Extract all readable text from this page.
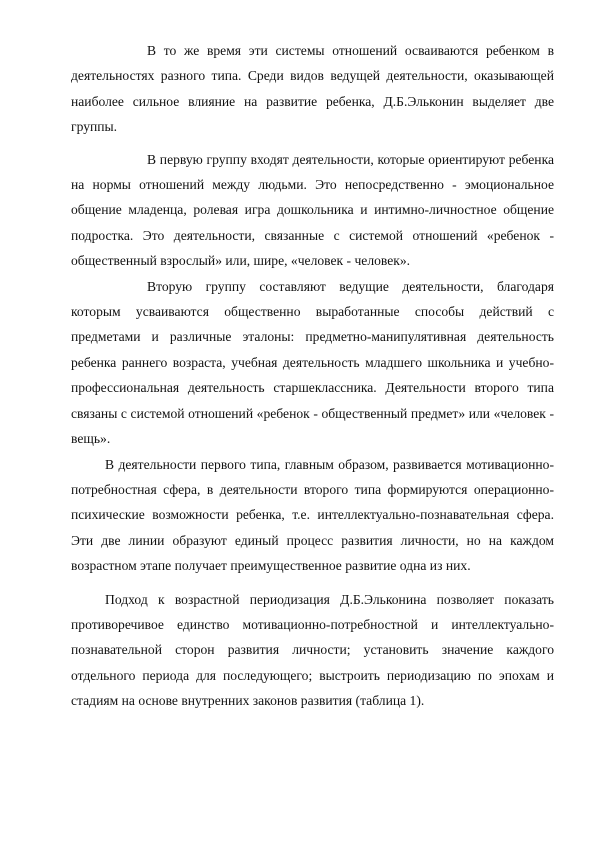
В то же время эти системы отношений осваиваются ребенком в деятельностях разного типа. Среди видов ведущей деятельности, оказывающей наиболее сильное влияние на развитие ребенка, Д.Б.Эльконин выделяет две группы.

В первую группу входят деятельности, которые ориентируют ребенка на нормы отношений между людьми. Это непосредственно - эмоциональное общение младенца, ролевая игра дошкольника и интимно-личностное общение подростка. Это деятельности, связанные с системой отношений «ребенок - общественный взрослый» или, шире, «человек - человек».

Вторую группу составляют ведущие деятельности, благодаря которым усваиваются общественно выработанные способы действий с предметами и различные эталоны: предметно-манипулятивная деятельность ребенка раннего возраста, учебная деятельность младшего школьника и учебно-профессиональная деятельность старшеклассника. Деятельности второго типа связаны с системой отношений «ребенок - общественный предмет» или «человек - вещь».

В деятельности первого типа, главным образом, развивается мотивационно-потребностная сфера, в деятельности второго типа формируются операционно-психические возможности ребенка, т.е. интеллектуально-познавательная сфера. Эти две линии образуют единый процесс развития личности, но на каждом возрастном этапе получает преимущественное развитие одна из них.

Подход к возрастной периодизация Д.Б.Эльконина позволяет показать противоречивое единство мотивационно-потребностной и интеллектуально-познавательной сторон развития личности; установить значение каждого отдельного периода для последующего; выстроить периодизацию по эпохам и стадиям на основе внутренних законов развития (таблица 1).
